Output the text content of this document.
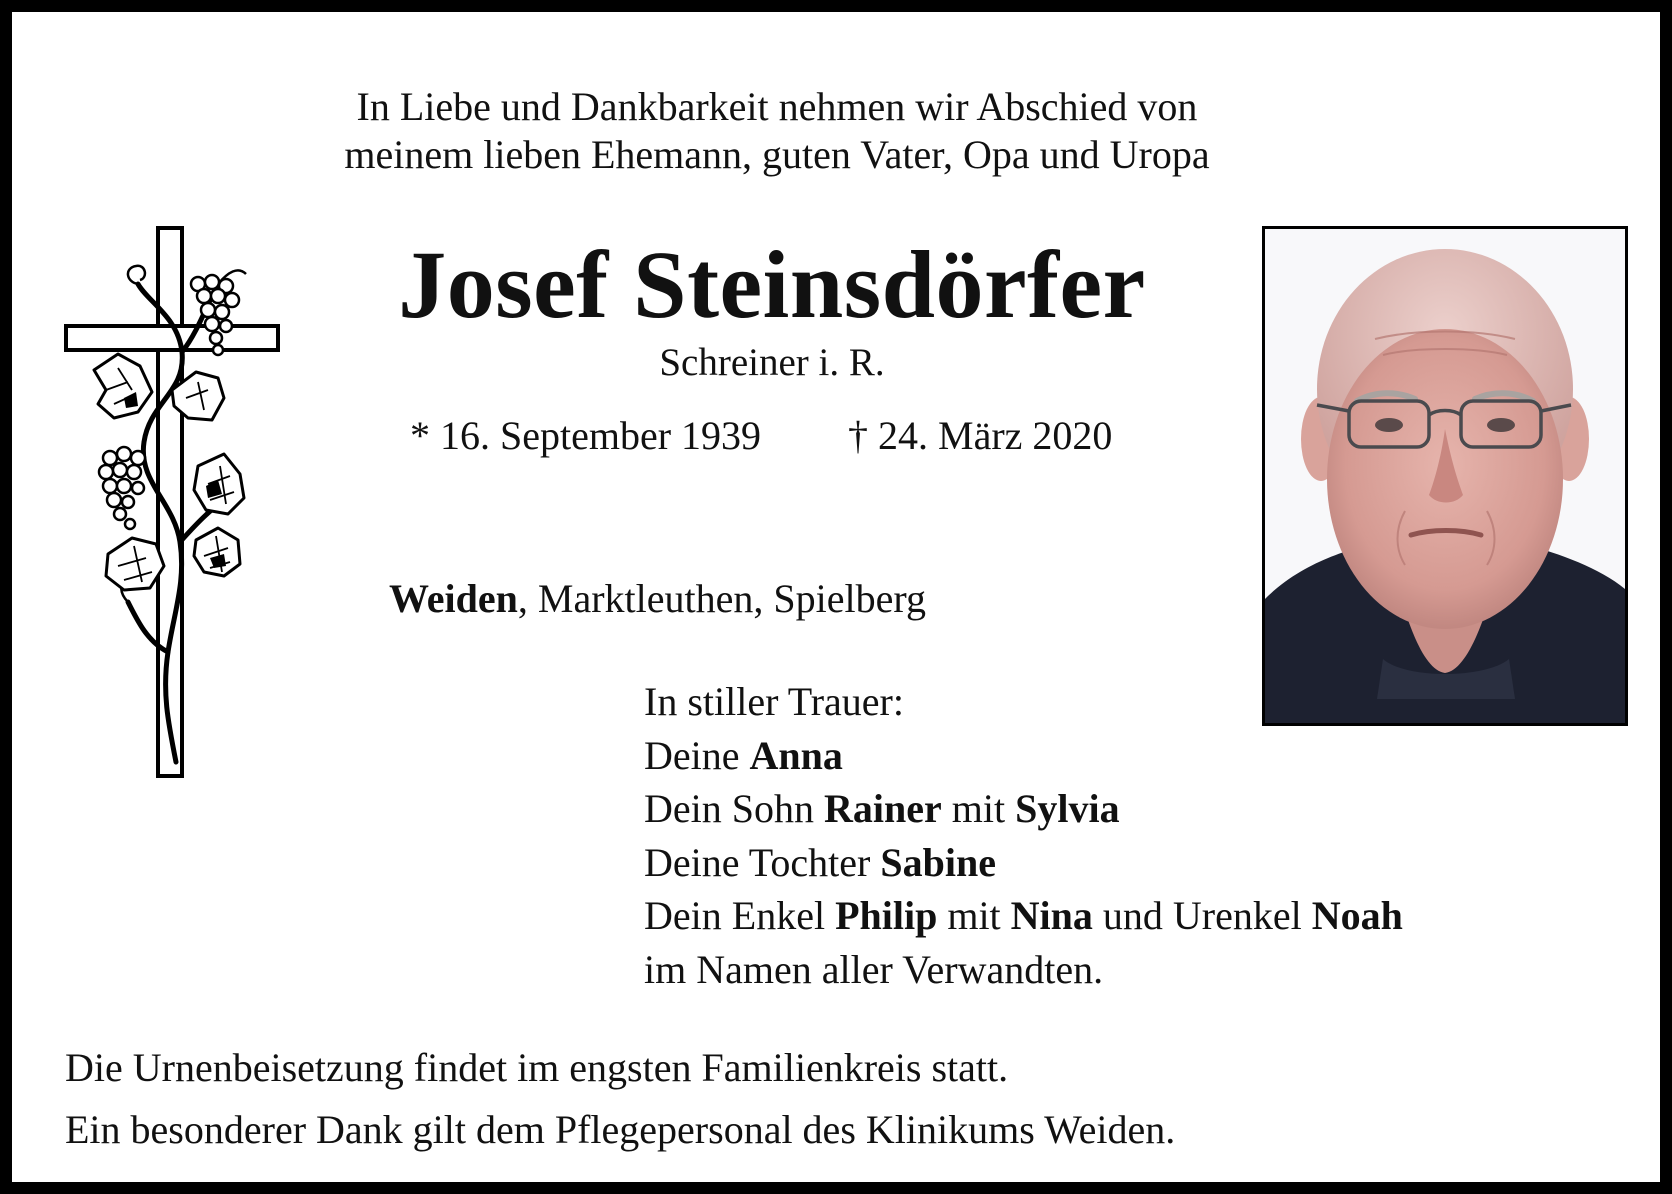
In Liebe und Dankbarkeit nehmen wir Abschied von
meinem lieben Ehemann, guten Vater, Opa und Uropa
Josef Steinsdörfer
Schreiner i. R.
* 16. September 1939 † 24. März 2020
Weiden, Marktleuthen, Spielberg
In stiller Trauer:
Deine Anna
Dein Sohn Rainer mit Sylvia
Deine Tochter Sabine
Dein Enkel Philip mit Nina und Urenkel Noah
im Namen aller Verwandten.
Die Urnenbeisetzung findet im engsten Familienkreis statt.
Ein besonderer Dank gilt dem Pflegepersonal des Klinikums Weiden.
